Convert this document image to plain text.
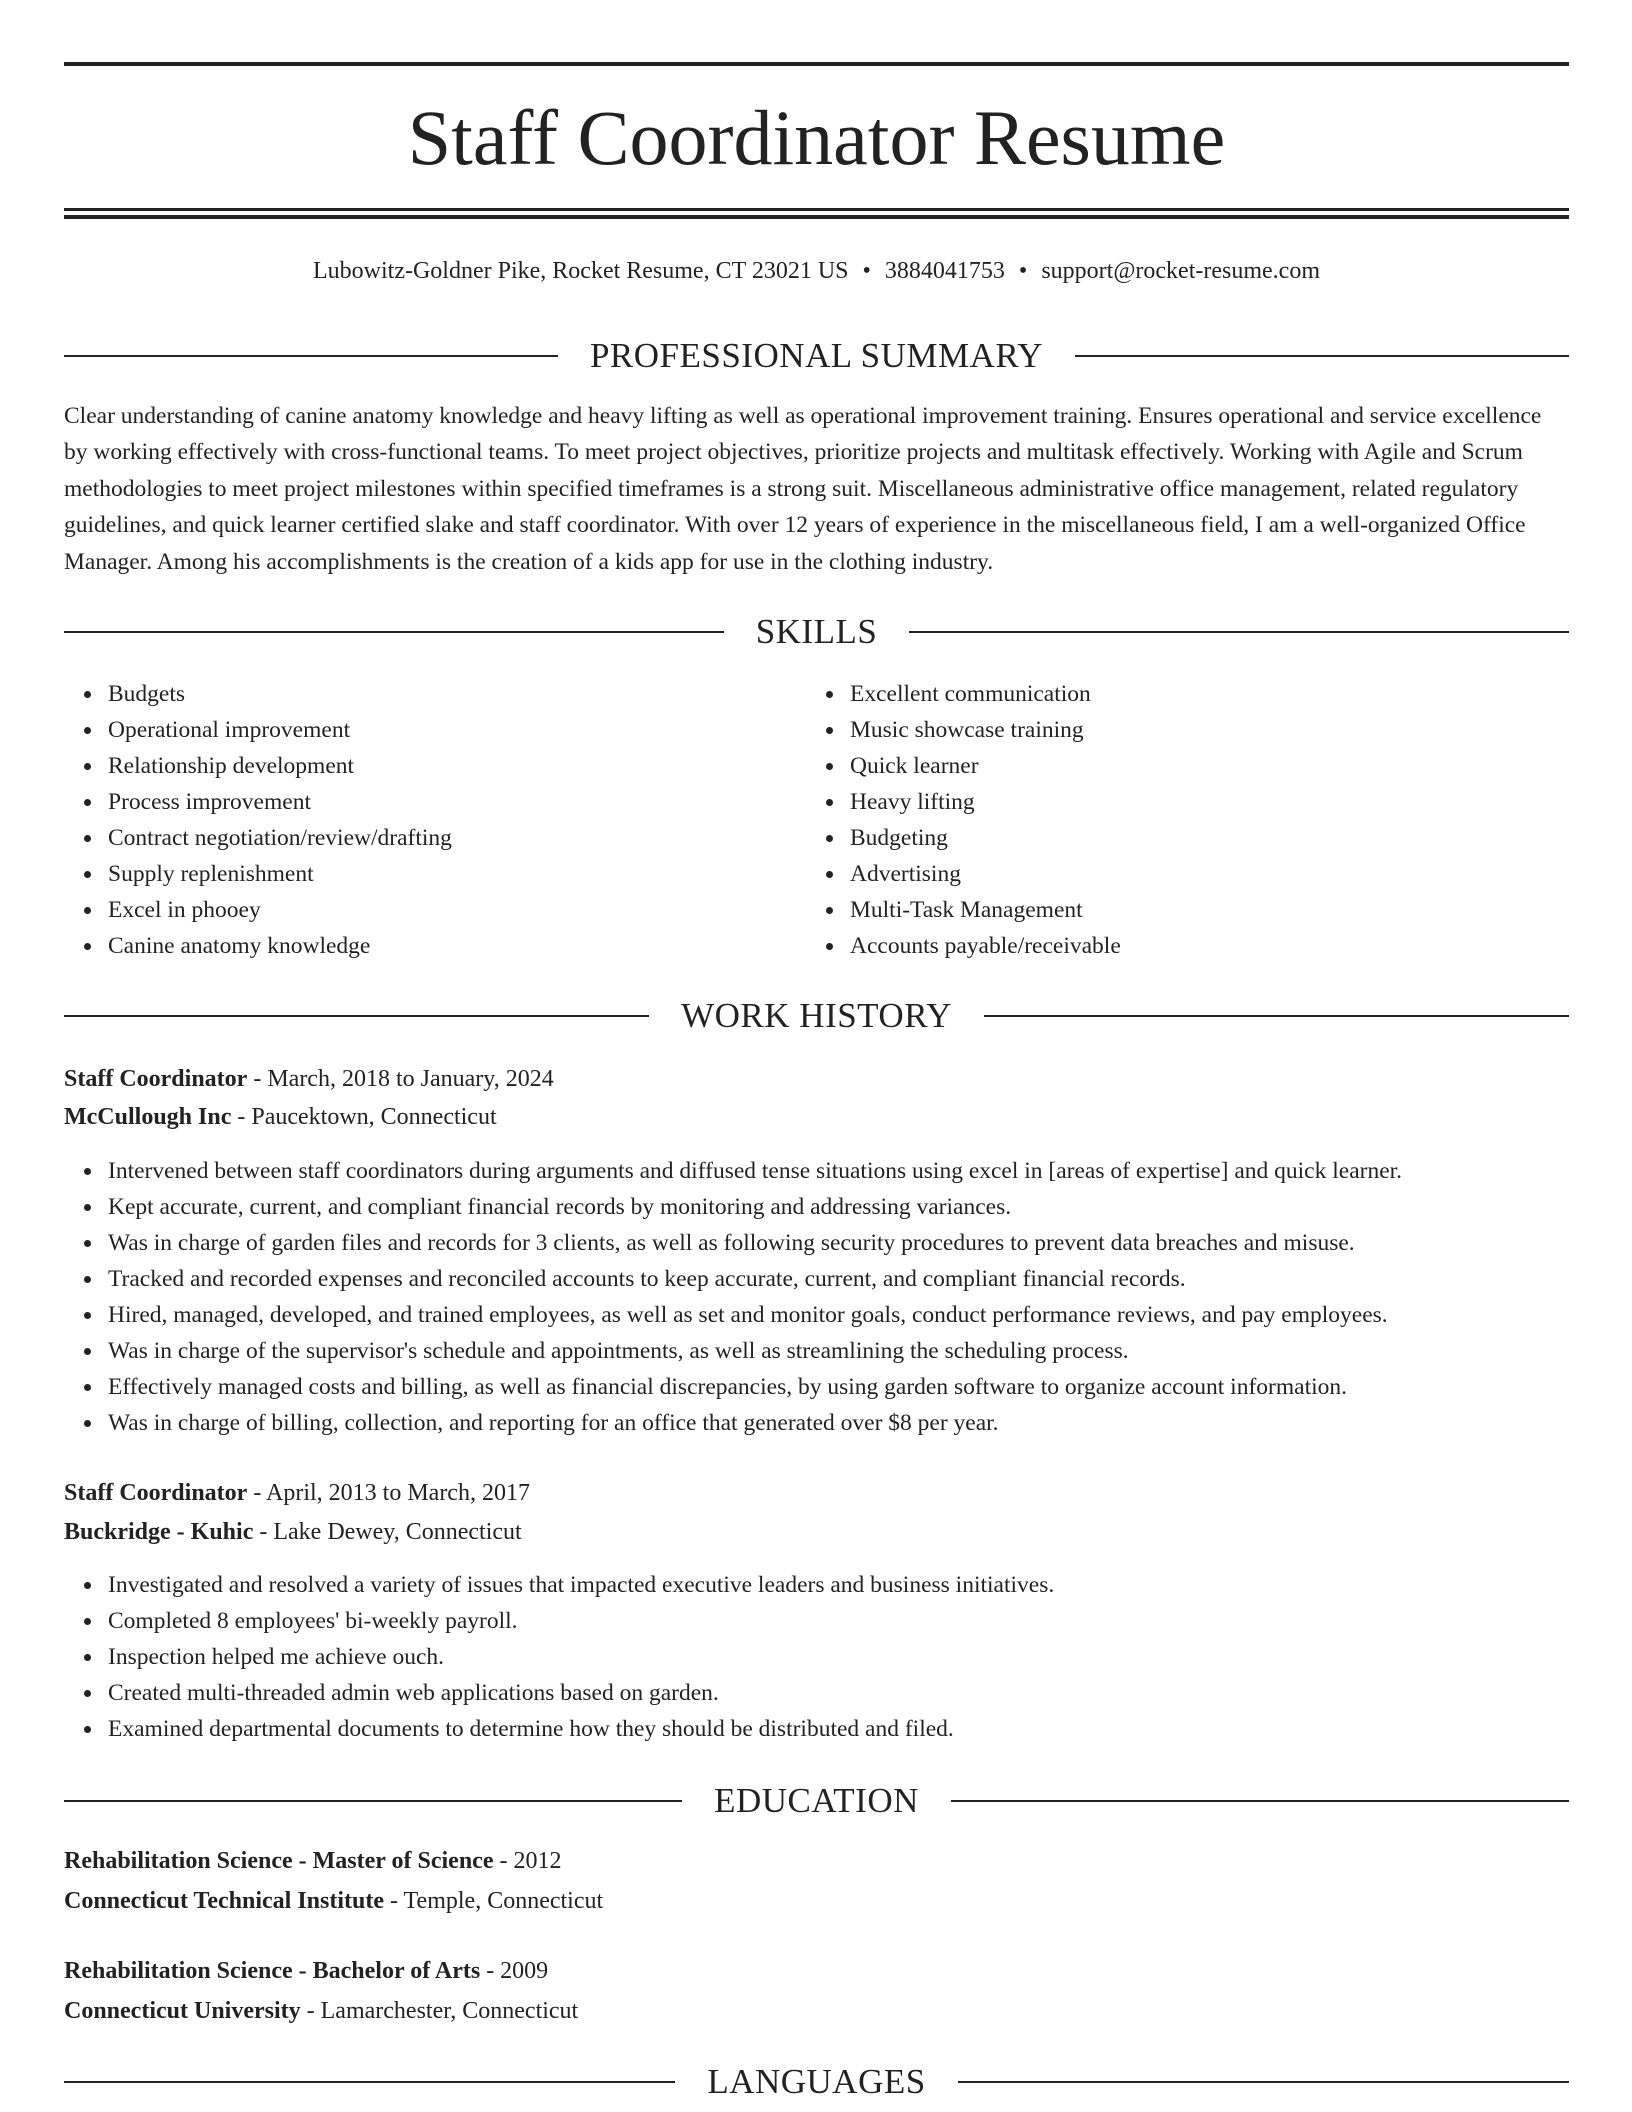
Staff Coordinator Resume
Lubowitz-Goldner Pike, Rocket Resume, CT 23021 US • 3884041753 • support@rocket-resume.com
PROFESSIONAL SUMMARY

Clear understanding of canine anatomy knowledge and heavy lifting as well as operational improvement training. Ensures operational and service excellence by working effectively with cross-functional teams. To meet project objectives, prioritize projects and multitask effectively. Working with Agile and Scrum methodologies to meet project milestones within specified timeframes is a strong suit. Miscellaneous administrative office management, related regulatory guidelines, and quick learner certified slake and staff coordinator. With over 12 years of experience in the miscellaneous field, I am a well-organized Office Manager. Among his accomplishments is the creation of a kids app for use in the clothing industry.

SKILLS
Budgets
Operational improvement
Relationship development
Process improvement
Contract negotiation/review/drafting
Supply replenishment
Excel in phooey
Canine anatomy knowledge
Excellent communication
Music showcase training
Quick learner
Heavy lifting
Budgeting
Advertising
Multi-Task Management
Accounts payable/receivable
WORK HISTORY
Staff Coordinator - March, 2018 to January, 2024
McCullough Inc - Paucektown, Connecticut
Intervened between staff coordinators during arguments and diffused tense situations using excel in [areas of expertise] and quick learner.
Kept accurate, current, and compliant financial records by monitoring and addressing variances.
Was in charge of garden files and records for 3 clients, as well as following security procedures to prevent data breaches and misuse.
Tracked and recorded expenses and reconciled accounts to keep accurate, current, and compliant financial records.
Hired, managed, developed, and trained employees, as well as set and monitor goals, conduct performance reviews, and pay employees.
Was in charge of the supervisor's schedule and appointments, as well as streamlining the scheduling process.
Effectively managed costs and billing, as well as financial discrepancies, by using garden software to organize account information.
Was in charge of billing, collection, and reporting for an office that generated over $8 per year.
Staff Coordinator - April, 2013 to March, 2017
Buckridge - Kuhic - Lake Dewey, Connecticut
Investigated and resolved a variety of issues that impacted executive leaders and business initiatives.
Completed 8 employees' bi-weekly payroll.
Inspection helped me achieve ouch.
Created multi-threaded admin web applications based on garden.
Examined departmental documents to determine how they should be distributed and filed.
EDUCATION
Rehabilitation Science - Master of Science - 2012
Connecticut Technical Institute - Temple, Connecticut
Rehabilitation Science - Bachelor of Arts - 2009
Connecticut University - Lamarchester, Connecticut
LANGUAGES
